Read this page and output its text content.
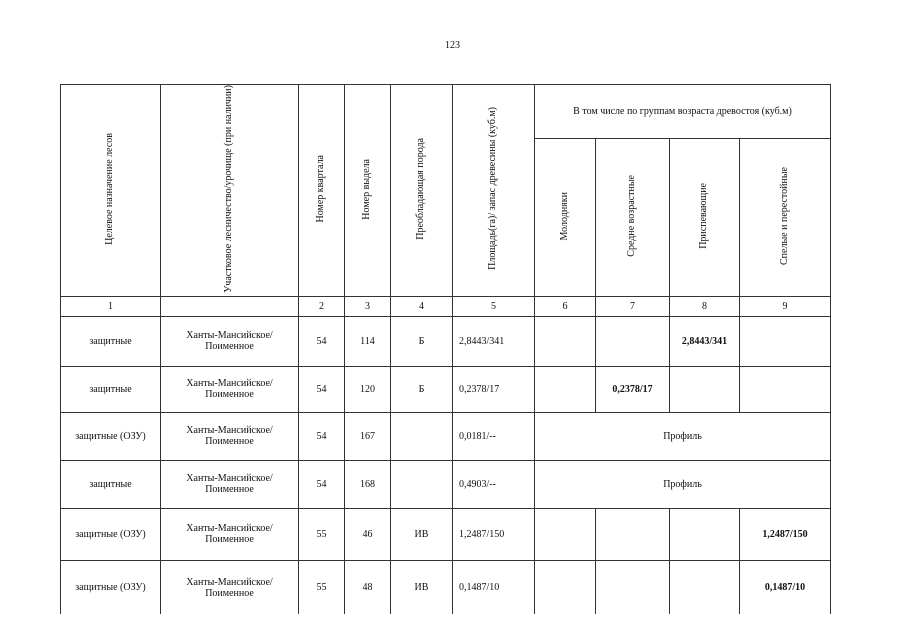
123
Целевое назначение лесов	Участковое лесничество/урочище (при наличии)	Номер квартала	Номер выдела	Преобладающая порода	Площадь(га)/ запас древесины (куб.м)	В том числе по группам возраста древостоя (куб.м)			
						Молодняки	Средне возрастные	Приспевающие	Спелые и перестойные
1		2	3	4	5	6	7	8	9
защитные	Ханты-Мансийское/ Поименное	54	114	Б	2,8443/341			2,8443/341	
защитные	Ханты-Мансийское/ Поименное	54	120	Б	0,2378/17		0,2378/17		
защитные (ОЗУ)	Ханты-Мансийское/ Поименное	54	167		0,0181/--	Профиль			
защитные	Ханты-Мансийское/ Поименное	54	168		0,4903/--	Профиль			
защитные (ОЗУ)	Ханты-Мансийское/ Поименное	55	46	ИВ	1,2487/150				1,2487/150
защитные (ОЗУ)	Ханты-Мансийское/ Поименное	55	48	ИВ	0,1487/10				0,1487/10
